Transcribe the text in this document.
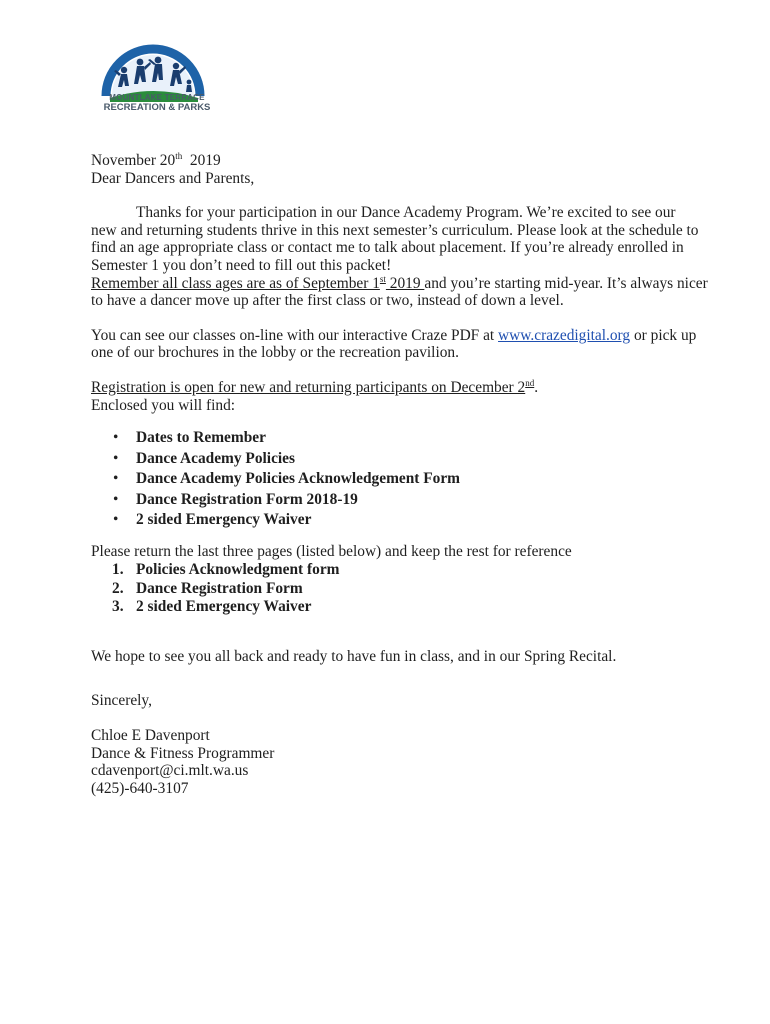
MOUNTLAKE TERRACE
RECREATION & PARKS
November 20th 2019
Dear Dancers and Parents,
Thanks for your participation in our Dance Academy Program. We’re excited to see our
new and returning students thrive in this next semester’s curriculum. Please look at the schedule to
find an age appropriate class or contact me to talk about placement. If you’re already enrolled in
Semester 1 you don’t need to fill out this packet!
Remember all class ages are as of September 1st 2019 and you’re starting mid-year. It’s always nicer
to have a dancer move up after the first class or two, instead of down a level.
You can see our classes on-line with our interactive Craze PDF at www.crazedigital.org or pick up
one of our brochures in the lobby or the recreation pavilion.
Registration is open for new and returning participants on December 2nd.
Enclosed you will find:
• Dates to Remember
• Dance Academy Policies
• Dance Academy Policies Acknowledgement Form
• Dance Registration Form 2018-19
• 2 sided Emergency Waiver
Please return the last three pages (listed below) and keep the rest for reference
1. Policies Acknowledgment form
2. Dance Registration Form
3. 2 sided Emergency Waiver
We hope to see you all back and ready to have fun in class, and in our Spring Recital.
Sincerely,
Chloe E Davenport
Dance & Fitness Programmer
cdavenport@ci.mlt.wa.us
(425)-640-3107
